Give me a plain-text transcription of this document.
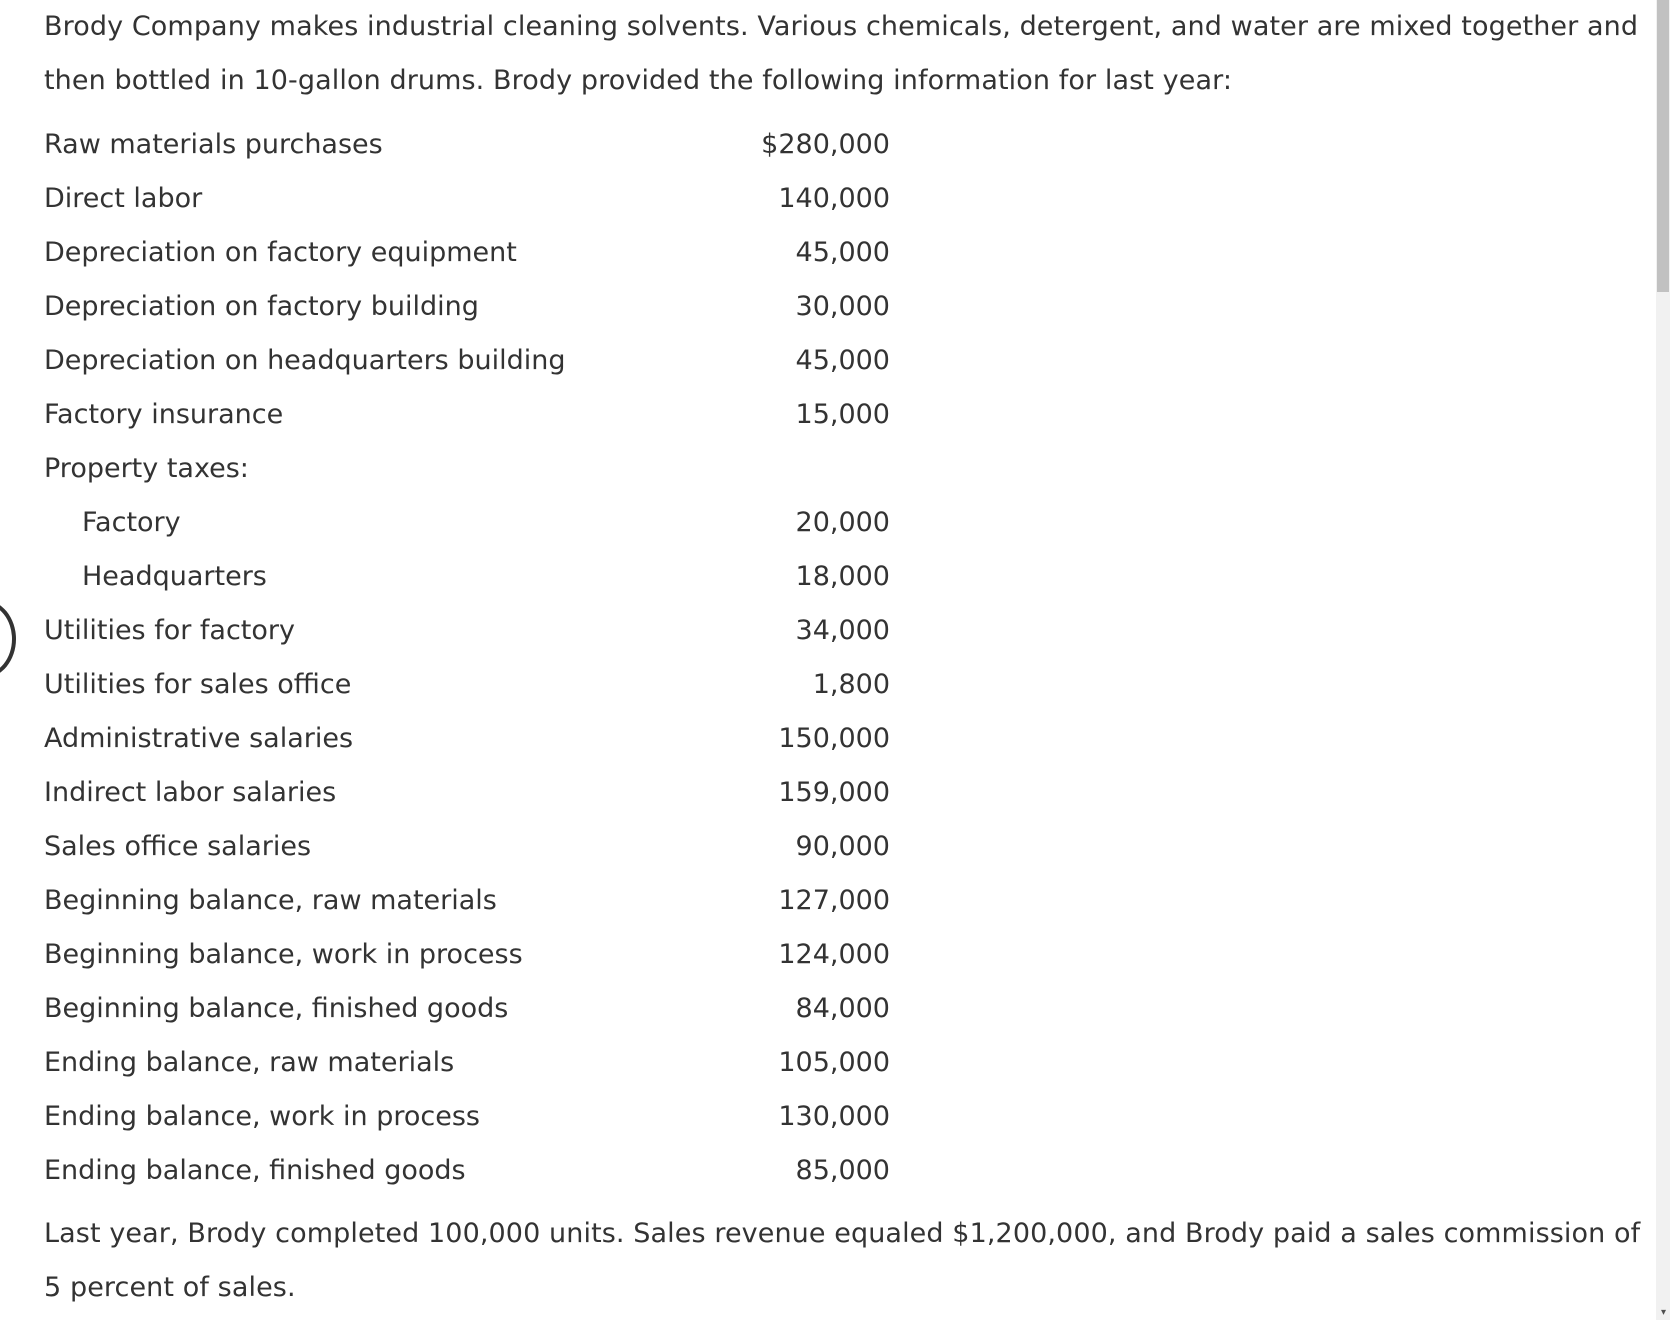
Brody Company makes industrial cleaning solvents. Various chemicals, detergent, and water are mixed together and then bottled in 10-gallon drums. Brody provided the following information for last year:

Raw materials purchases	$280,000
Direct labor	140,000
Depreciation on factory equipment	45,000
Depreciation on factory building	30,000
Depreciation on headquarters building	45,000
Factory insurance	15,000
Property taxes:	
Factory	20,000
Headquarters	18,000
Utilities for factory	34,000
Utilities for sales office	1,800
Administrative salaries	150,000
Indirect labor salaries	159,000
Sales office salaries	90,000
Beginning balance, raw materials	127,000
Beginning balance, work in process	124,000
Beginning balance, finished goods	84,000
Ending balance, raw materials	105,000
Ending balance, work in process	130,000
Ending balance, finished goods	85,000

Last year, Brody completed 100,000 units. Sales revenue equaled $1,200,000, and Brody paid a sales commission of 5 percent of sales.

▾
